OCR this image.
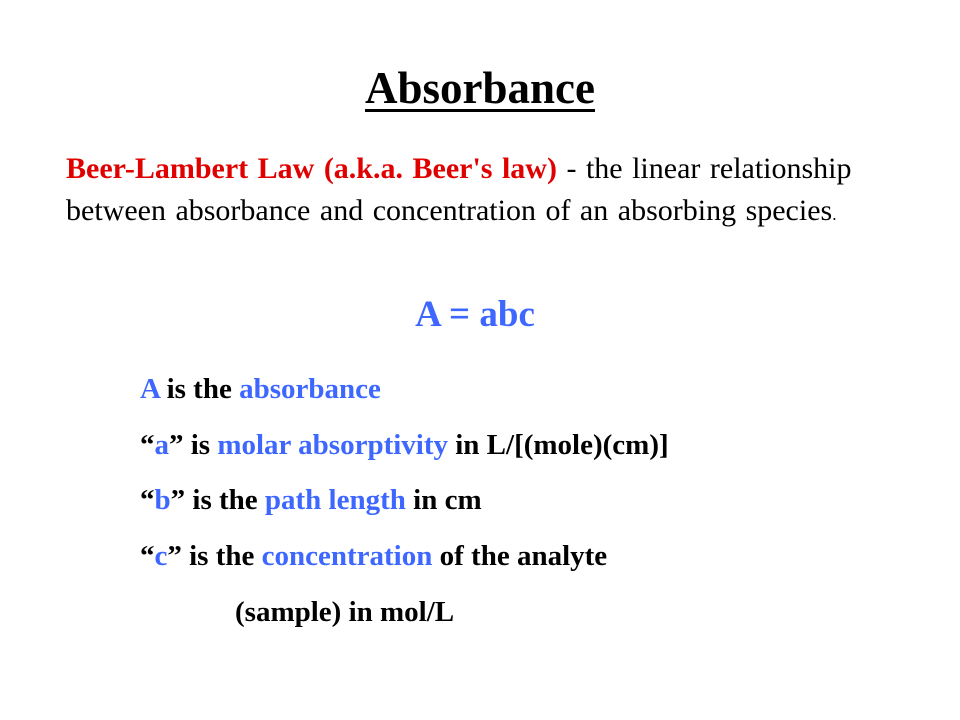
Absorbance
Beer-Lambert Law (a.k.a. Beer's law) - the linear relationship between absorbance and concentration of an absorbing species.
A = abc
A is the absorbance
“a” is molar absorptivity in L/[(mole)(cm)]
“b” is the path length in cm
“c” is the concentration of the analyte
(sample) in mol/L
